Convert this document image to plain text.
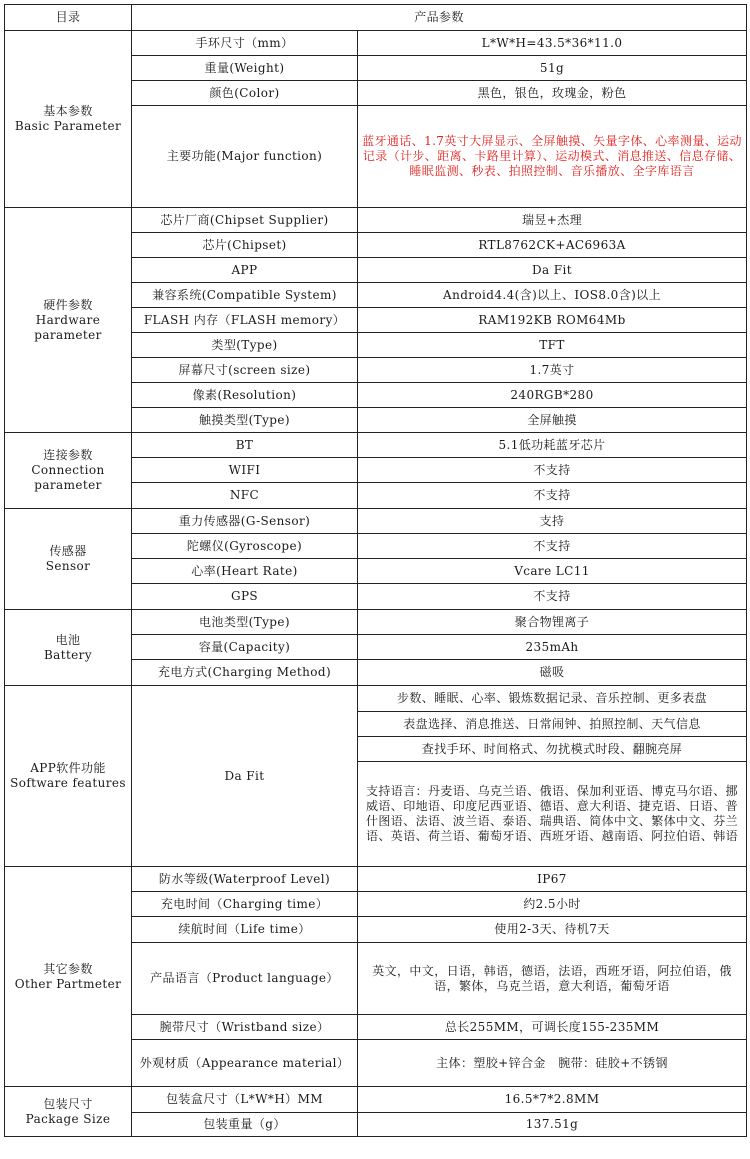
目录	产品参数	

基本参数
Basic Parameter	手环尺寸（mm）	L*W*H=43.5*36*11.0
	重量(Weight)	51g
	颜色(Color)	黑色，银色，玫瑰金，粉色
	主要功能(Major function)	蓝牙通话、1.7英寸大屏显示、全屏触摸、矢量字体、心率测量、运动记录（计步、距离、卡路里计算）、运动模式、消息推送、信息存储、睡眠监测、秒表、拍照控制、音乐播放、全字库语言

硬件参数
Hardware
parameter	芯片厂商(Chipset Supplier)	瑞昱+杰理
	芯片(Chipset)	RTL8762CK+AC6963A
	APP	Da Fit
	兼容系统(Compatible System)	Android4.4(含)以上、IOS8.0含)以上
	FLASH 内存（FLASH memory）	RAM192KB ROM64Mb
	类型(Type)	TFT
	屏幕尺寸(screen size)	1.7英寸
	像素(Resolution)	240RGB*280
	触摸类型(Type)	全屏触摸

连接参数
Connection
parameter	BT	5.1低功耗蓝牙芯片
	WIFI	不支持
	NFC	不支持

传感器
Sensor	重力传感器(G-Sensor)	支持
	陀螺仪(Gyroscope)	不支持
	心率(Heart Rate)	Vcare LC11
	GPS	不支持

电池
Battery	电池类型(Type)	聚合物锂离子
	容量(Capacity)	235mAh
	充电方式(Charging Method)	磁吸

APP软件功能
Software features	Da Fit	步数、睡眠、心率、锻炼数据记录、音乐控制、更多表盘
		表盘选择、消息推送、日常闹钟、拍照控制、天气信息
		查找手环、时间格式、勿扰模式时段、翻腕亮屏
		支持语言：丹麦语、乌克兰语、俄语、保加利亚语、博克马尔语、挪威语、印地语、印度尼西亚语、德语、意大利语、捷克语、日语、普什图语、法语、波兰语、泰语、瑞典语、简体中文、繁体中文、芬兰语、英语、荷兰语、葡萄牙语、西班牙语、越南语、阿拉伯语、韩语

其它参数
Other Partmeter	防水等级(Waterproof Level)	IP67
	充电时间（Charging time）	约2.5小时
	续航时间（Life time）	使用2-3天、待机7天
	产品语言（Product language）	英文，中文，日语，韩语，德语，法语，西班牙语，阿拉伯语，俄语，繁体，乌克兰语，意大利语，葡萄牙语
	腕带尺寸（Wristband size）	总长255MM，可调长度155-235MM
	外观材质（Appearance material）	主体：塑胶+锌合金　腕带：硅胶+不锈钢

包装尺寸
Package Size	包装盒尺寸（L*W*H）MM	16.5*7*2.8MM
	包装重量（g）	137.51g
